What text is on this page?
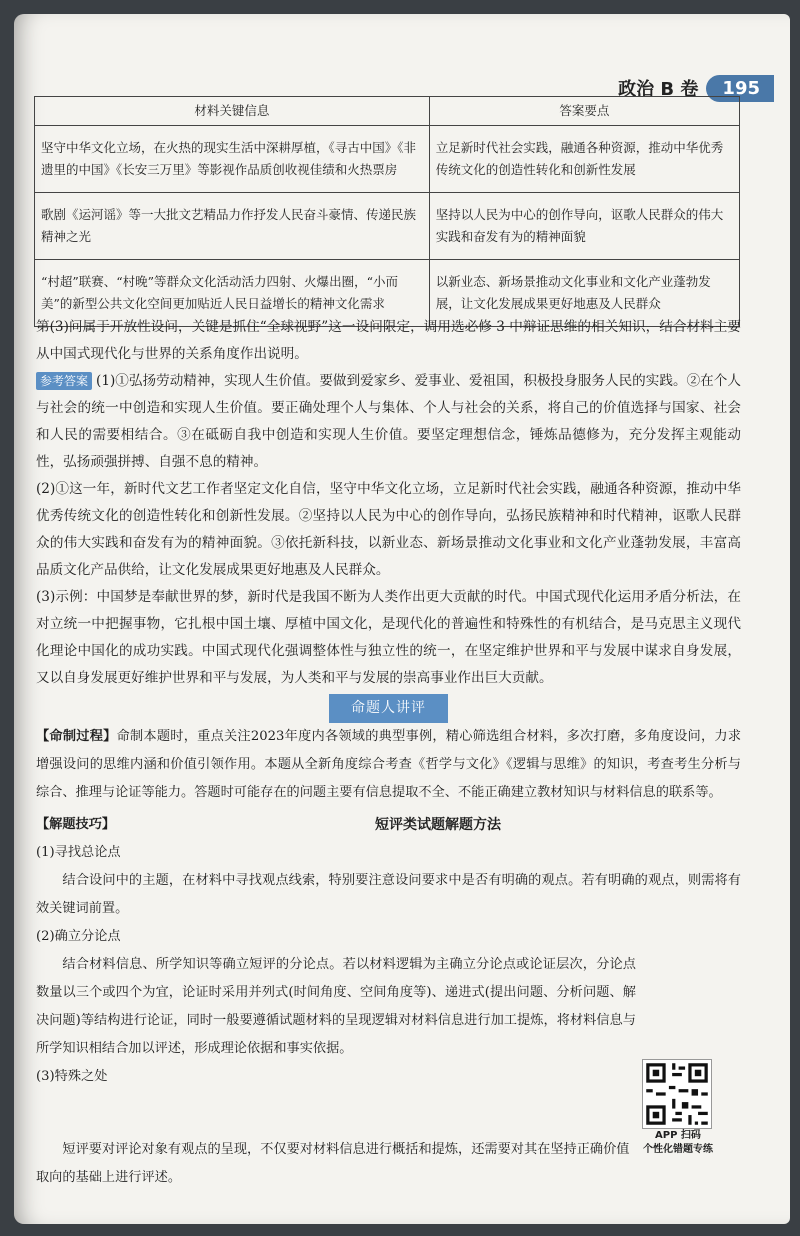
政治 B 卷	195
材料关键信息	答案要点
坚守中华文化立场，在火热的现实生活中深耕厚植，《寻古中国》《非遗里的中国》《长安三万里》等影视作品质创收视佳绩和火热票房	立足新时代社会实践，融通各种资源，推动中华优秀传统文化的创造性转化和创新性发展
歌剧《运河谣》等一大批文艺精品力作抒发人民奋斗豪情、传递民族精神之光	坚持以人民为中心的创作导向，讴歌人民群众的伟大实践和奋发有为的精神面貌
“村超”联赛、“村晚”等群众文化活动活力四射、火爆出圈，“小而美”的新型公共文化空间更加贴近人民日益增长的精神文化需求	以新业态、新场景推动文化事业和文化产业蓬勃发展，让文化发展成果更好地惠及人民群众

第(3)问属于开放性设问，关键是抓住“全球视野”这一设问限定，调用选必修 3 中辩证思维的相关知识，结合材料主要从中国式现代化与世界的关系角度作出说明。

参考答案 (1)①弘扬劳动精神，实现人生价值。要做到爱家乡、爱事业、爱祖国，积极投身服务人民的实践。②在个人与社会的统一中创造和实现人生价值。要正确处理个人与集体、个人与社会的关系，将自己的价值选择与国家、社会和人民的需要相结合。③在砥砺自我中创造和实现人生价值。要坚定理想信念，锤炼品德修为，充分发挥主观能动性，弘扬顽强拼搏、自强不息的精神。

(2)①这一年，新时代文艺工作者坚定文化自信，坚守中华文化立场，立足新时代社会实践，融通各种资源，推动中华优秀传统文化的创造性转化和创新性发展。②坚持以人民为中心的创作导向，弘扬民族精神和时代精神，讴歌人民群众的伟大实践和奋发有为的精神面貌。③依托新科技，以新业态、新场景推动文化事业和文化产业蓬勃发展，丰富高品质文化产品供给，让文化发展成果更好地惠及人民群众。

(3)示例：中国梦是奉献世界的梦，新时代是我国不断为人类作出更大贡献的时代。中国式现代化运用矛盾分析法，在对立统一中把握事物，它扎根中国土壤、厚植中国文化，是现代化的普遍性和特殊性的有机结合，是马克思主义现代化理论中国化的成功实践。中国式现代化强调整体性与独立性的统一，在坚定维护世界和平与发展中谋求自身发展，又以自身发展更好维护世界和平与发展，为人类和平与发展的崇高事业作出巨大贡献。

命题人讲评

【命制过程】命制本题时，重点关注2023年度内各领域的典型事例，精心筛选组合材料，多次打磨，多角度设问，力求增强设问的思维内涵和价值引领作用。本题从全新角度综合考查《哲学与文化》《逻辑与思维》的知识，考查考生分析与综合、推理与论证等能力。答题时可能存在的问题主要有信息提取不全、不能正确建立教材知识与材料信息的联系等。

【解题技巧】	短评类试题解题方法

(1)寻找总论点

结合设问中的主题，在材料中寻找观点线索，特别要注意设问要求中是否有明确的观点。若有明确的观点，则需将有效关键词前置。

(2)确立分论点

结合材料信息、所学知识等确立短评的分论点。若以材料逻辑为主确立分论点或论证层次，分论点数量以三个或四个为宜，论证时采用并列式(时间角度、空间角度等)、递进式(提出问题、分析问题、解决问题)等结构进行论证，同时一般要遵循试题材料的呈现逻辑对材料信息进行加工提炼，将材料信息与所学知识相结合加以评述，形成理论依据和事实依据。

(3)特殊之处

短评要对评论对象有观点的呈现，不仅要对材料信息进行概括和提炼，还需要对其在坚持正确价值取向的基础上进行评述。

APP 扫码
个性化错题专练
